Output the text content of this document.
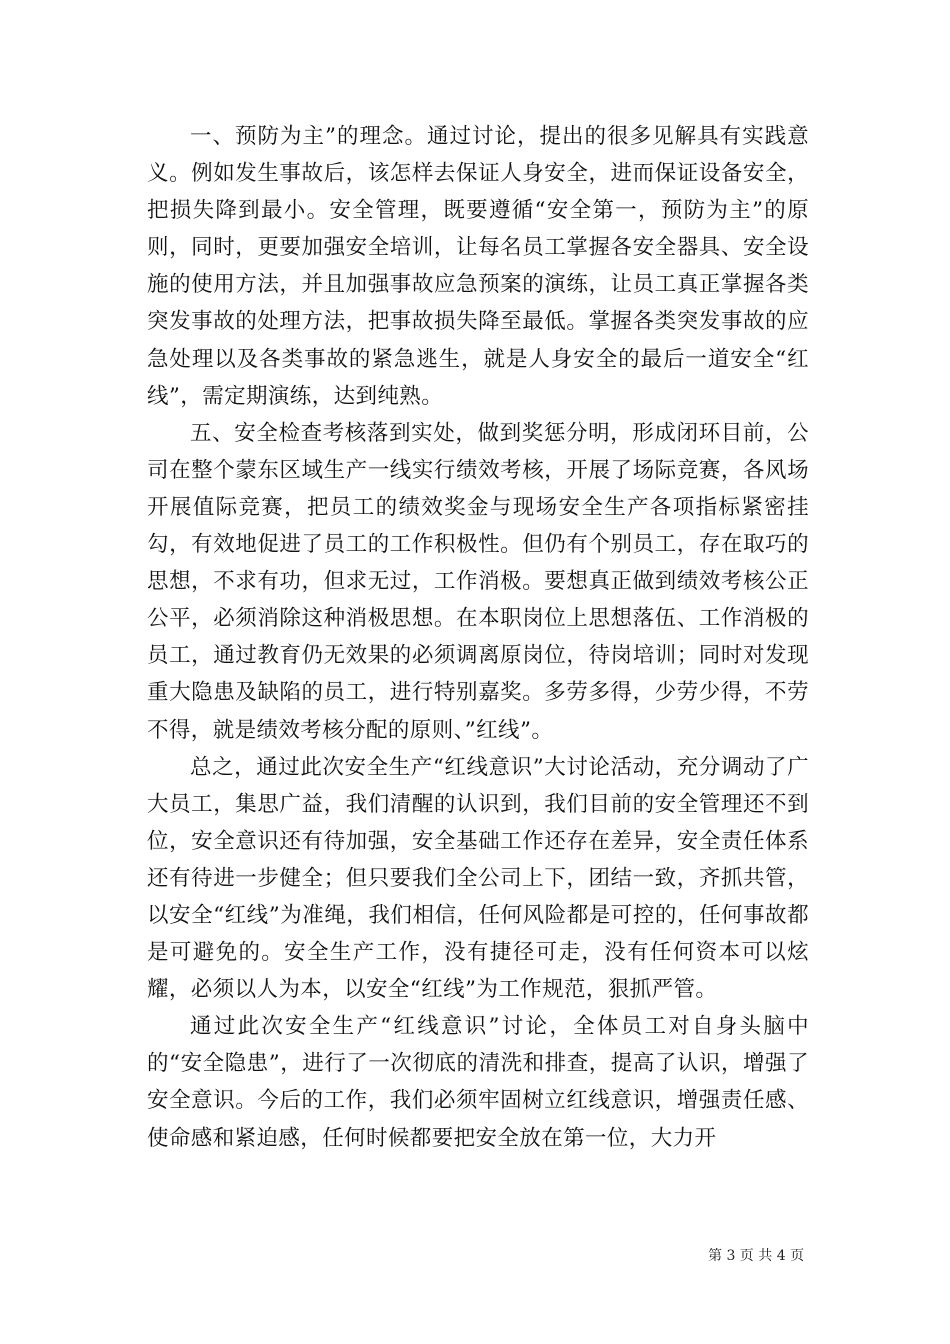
一、预防为主”的理念。通过讨论，提出的很多见解具有实践意义。例如发生事故后，该怎样去保证人身安全，进而保证设备安全，把损失降到最小。安全管理，既要遵循“安全第一，预防为主”的原则，同时，更要加强安全培训，让每名员工掌握各安全器具、安全设施的使用方法，并且加强事故应急预案的演练，让员工真正掌握各类突发事故的处理方法，把事故损失降至最低。掌握各类突发事故的应急处理以及各类事故的紧急逃生，就是人身安全的最后一道安全“红线”，需定期演练，达到纯熟。

五、安全检查考核落到实处，做到奖惩分明，形成闭环目前，公司在整个蒙东区域生产一线实行绩效考核，开展了场际竞赛，各风场开展值际竞赛，把员工的绩效奖金与现场安全生产各项指标紧密挂勾，有效地促进了员工的工作积极性。但仍有个别员工，存在取巧的思想，不求有功，但求无过，工作消极。要想真正做到绩效考核公正公平，必须消除这种消极思想。在本职岗位上思想落伍、工作消极的员工，通过教育仍无效果的必须调离原岗位，待岗培训；同时对发现重大隐患及缺陷的员工，进行特别嘉奖。多劳多得，少劳少得，不劳不得，就是绩效考核分配的原则、”红线”。

总之，通过此次安全生产“红线意识”大讨论活动，充分调动了广大员工，集思广益，我们清醒的认识到，我们目前的安全管理还不到位，安全意识还有待加强，安全基础工作还存在差异，安全责任体系还有待进一步健全；但只要我们全公司上下，团结一致，齐抓共管，以安全“红线”为准绳，我们相信，任何风险都是可控的，任何事故都是可避免的。安全生产工作，没有捷径可走，没有任何资本可以炫耀，必须以人为本，以安全“红线”为工作规范，狠抓严管。

通过此次安全生产“红线意识”讨论，全体员工对自身头脑中的“安全隐患”，进行了一次彻底的清洗和排查，提高了认识，增强了安全意识。今后的工作，我们必须牢固树立红线意识，增强责任感、使命感和紧迫感，任何时候都要把安全放在第一位，大力开

第 3 页 共 4 页
